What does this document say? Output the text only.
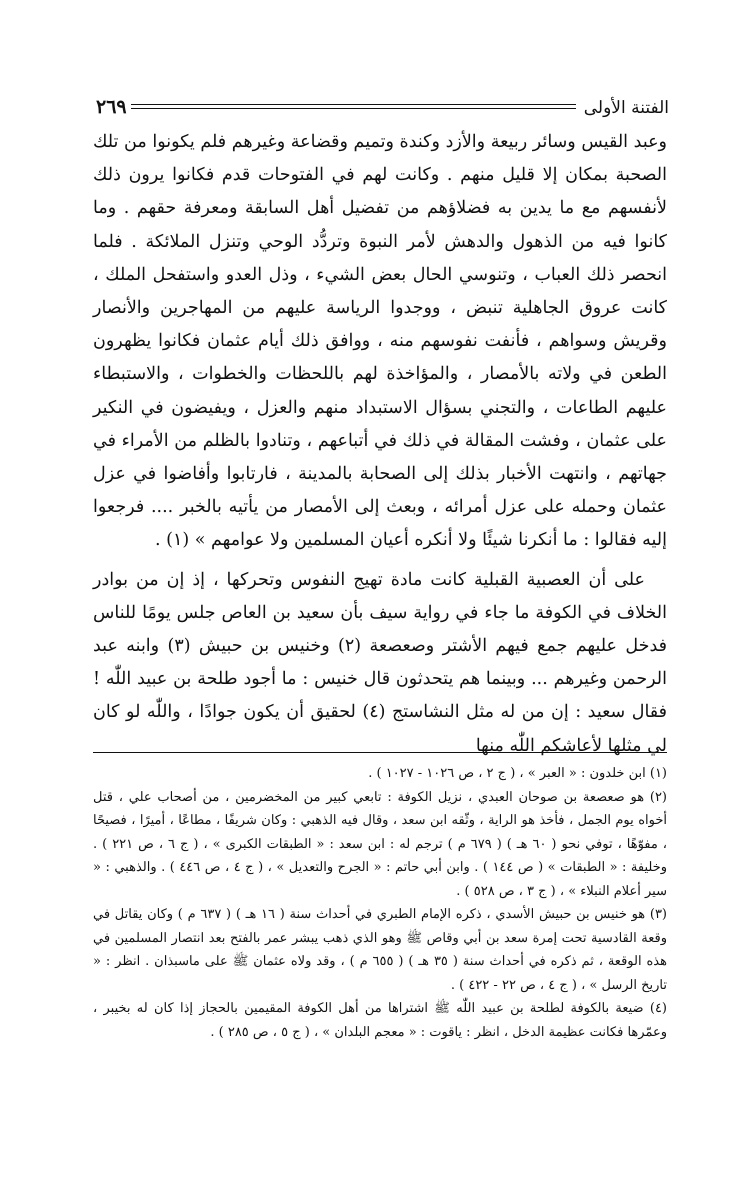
الفتنة الأولى
٢٦٩

وعبد القيس وسائر ربيعة والأزد وكندة وتميم وقضاعة وغيرهم فلم يكونوا من تلك الصحبة بمكان إلا قليل منهم . وكانت لهم في الفتوحات قدم فكانوا يرون ذلك لأنفسهم مع ما يدين به فضلاؤهم من تفضيل أهل السابقة ومعرفة حقهم . وما كانوا فيه من الذهول والدهش لأمر النبوة وتردُّد الوحي وتنزل الملائكة . فلما انحصر ذلك العباب ، وتنوسي الحال بعض الشيء ، وذل العدو واستفحل الملك ، كانت عروق الجاهلية تنبض ، ووجدوا الرياسة عليهم من المهاجرين والأنصار وقريش وسواهم ، فأنفت نفوسهم منه ، ووافق ذلك أيام عثمان فكانوا يظهرون الطعن في ولاته بالأمصار ، والمؤاخذة لهم باللحظات والخطوات ، والاستبطاء عليهم الطاعات ، والتجني بسؤال الاستبداد منهم والعزل ، ويفيضون في النكير على عثمان ، وفشت المقالة في ذلك في أتباعهم ، وتنادوا بالظلم من الأمراء في جهاتهم ، وانتهت الأخبار بذلك إلى الصحابة بالمدينة ، فارتابوا وأفاضوا في عزل عثمان وحمله على عزل أمرائه ، وبعث إلى الأمصار من يأتيه بالخبر .... فرجعوا إليه فقالوا : ما أنكرنا شيئًا ولا أنكره أعيان المسلمين ولا عوامهم » (١) .

على أن العصبية القبلية كانت مادة تهيج النفوس وتحركها ، إذ إن من بوادر الخلاف في الكوفة ما جاء في رواية سيف بأن سعيد بن العاص جلس يومًا للناس فدخل عليهم جمع فيهم الأشتر وصعصعة (٢) وخنيس بن حبيش (٣) وابنه عبد الرحمن وغيرهم ... وبينما هم يتحدثون قال خنيس : ما أجود طلحة بن عبيد اللّٰه ! فقال سعيد : إن من له مثل النشاستج (٤) لحقيق أن يكون جوادًا ، واللّٰه لو كان لي مثلها لأعاشكم اللّٰه منها

(١) ابن خلدون : « العبر » ، ( ج ٢ ، ص ١٠٢٦ - ١٠٢٧ ) .

(٢) هو صعصعة بن صوحان العبدي ، نزيل الكوفة : تابعي كبير من المخضرمين ، من أصحاب علي ، قتل أخواه يوم الجمل ، فأخذ هو الراية ، وثّقه ابن سعد ، وقال فيه الذهبي : وكان شريفًا ، مطاعًا ، أميرًا ، فصيحًا ، مفوّهًا ، توفي نحو ( ٦٠ هـ ) ( ٦٧٩ م ) ترجم له : ابن سعد : « الطبقات الكبرى » ، ( ج ٦ ، ص ٢٢١ ) . وخليفة : « الطبقات » ( ص ١٤٤ ) . وابن أبي حاتم : « الجرح والتعديل » ، ( ج ٤ ، ص ٤٤٦ ) . والذهبي : « سير أعلام النبلاء » ، ( ج ٣ ، ص ٥٢٨ ) .

(٣) هو خنيس بن حبيش الأسدي ، ذكره الإمام الطبري في أحداث سنة ( ١٦ هـ ) ( ٦٣٧ م ) وكان يقاتل في وقعة القادسية تحت إمرة سعد بن أبي وقاص ﷺ وهو الذي ذهب يبشر عمر بالفتح بعد انتصار المسلمين في هذه الوقعة ، ثم ذكره في أحداث سنة ( ٣٥ هـ ) ( ٦٥٥ م ) ، وقد ولاه عثمان ﷺ على ماسبذان . انظر : « تاريخ الرسل » ، ( ج ٤ ، ص ٢٢ - ٤٢٢ ) .

(٤) ضيعة بالكوفة لطلحة بن عبيد اللّٰه ﷺ اشتراها من أهل الكوفة المقيمين بالحجاز إذا كان له بخيبر ، وعمّرها فكانت عظيمة الدخل ، انظر : ياقوت : « معجم البلدان » ، ( ج ٥ ، ص ٢٨٥ ) .
